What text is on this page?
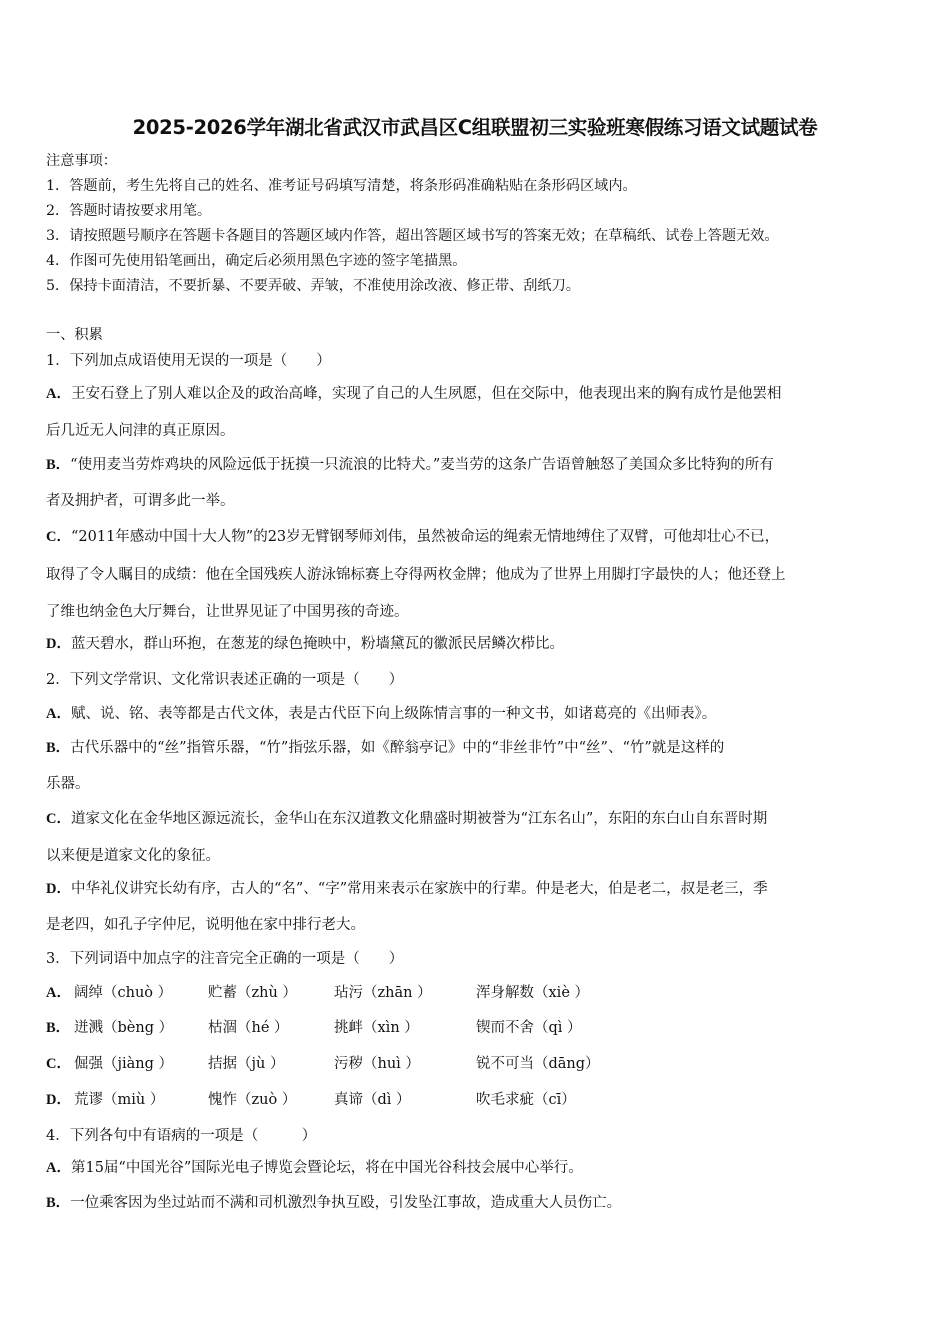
2025-2026学年湖北省武汉市武昌区C组联盟初三实验班寒假练习语文试题试卷
注意事项：
1．答题前，考生先将自己的姓名、准考证号码填写清楚，将条形码准确粘贴在条形码区域内。
2．答题时请按要求用笔。
3．请按照题号顺序在答题卡各题目的答题区域内作答，超出答题区域书写的答案无效；在草稿纸、试卷上答题无效。
4．作图可先使用铅笔画出，确定后必须用黑色字迹的签字笔描黑。
5．保持卡面清洁，不要折暴、不要弄破、弄皱，不准使用涂改液、修正带、刮纸刀。
一、积累
1．下列加点成语使用无误的一项是（　　）
A．王安石登上了别人难以企及的政治高峰，实现了自己的人生夙愿，但在交际中，他表现出来的胸有成竹是他罢相
后几近无人问津的真正原因。
B．“使用麦当劳炸鸡块的风险远低于抚摸一只流浪的比特犬。”麦当劳的这条广告语曾触怒了美国众多比特狗的所有
者及拥护者，可谓多此一举。
C．“2011年感动中国十大人物”的23岁无臂钢琴师刘伟，虽然被命运的绳索无情地缚住了双臂，可他却壮心不已，
取得了令人瞩目的成绩：他在全国残疾人游泳锦标赛上夺得两枚金牌；他成为了世界上用脚打字最快的人；他还登上
了维也纳金色大厅舞台，让世界见证了中国男孩的奇迹。
D．蓝天碧水，群山环抱，在葱茏的绿色掩映中，粉墙黛瓦的徽派民居鳞次栉比。
2．下列文学常识、文化常识表述正确的一项是（　　）
A．赋、说、铭、表等都是古代文体，表是古代臣下向上级陈情言事的一种文书，如诸葛亮的《出师表》。
B．古代乐器中的“丝”指管乐器，“竹”指弦乐器，如《醉翁亭记》中的“非丝非竹”中“丝”、“竹”就是这样的
乐器。
C．道家文化在金华地区源远流长，金华山在东汉道教文化鼎盛时期被誉为“江东名山”，东阳的东白山自东晋时期
以来便是道家文化的象征。
D．中华礼仪讲究长幼有序，古人的“名”、“字”常用来表示在家族中的行辈。仲是老大，伯是老二，叔是老三，季
是老四，如孔子字仲尼，说明他在家中排行老大。
3．下列词语中加点字的注音完全正确的一项是（　　）
A． 阔绰（chuò ） 贮蓄（zhù ）	玷污（zhān ）	浑身解数（xiè ）
B． 迸溅（bèng ） 枯涸（hé ）	挑衅（xìn ）	锲而不舍（qì ）
C． 倔强（jiàng ） 拮据（jù ）	污秽（huì ）	锐不可当（dāng）
D． 荒谬（miù ）	愧怍（zuò ）	真谛（dì ）	吹毛求疵（cī）
4．下列各句中有语病的一项是（　　　）
A．第15届“中国光谷”国际光电子博览会暨论坛，将在中国光谷科技会展中心举行。
B．一位乘客因为坐过站而不满和司机激烈争执互殴，引发坠江事故，造成重大人员伤亡。
